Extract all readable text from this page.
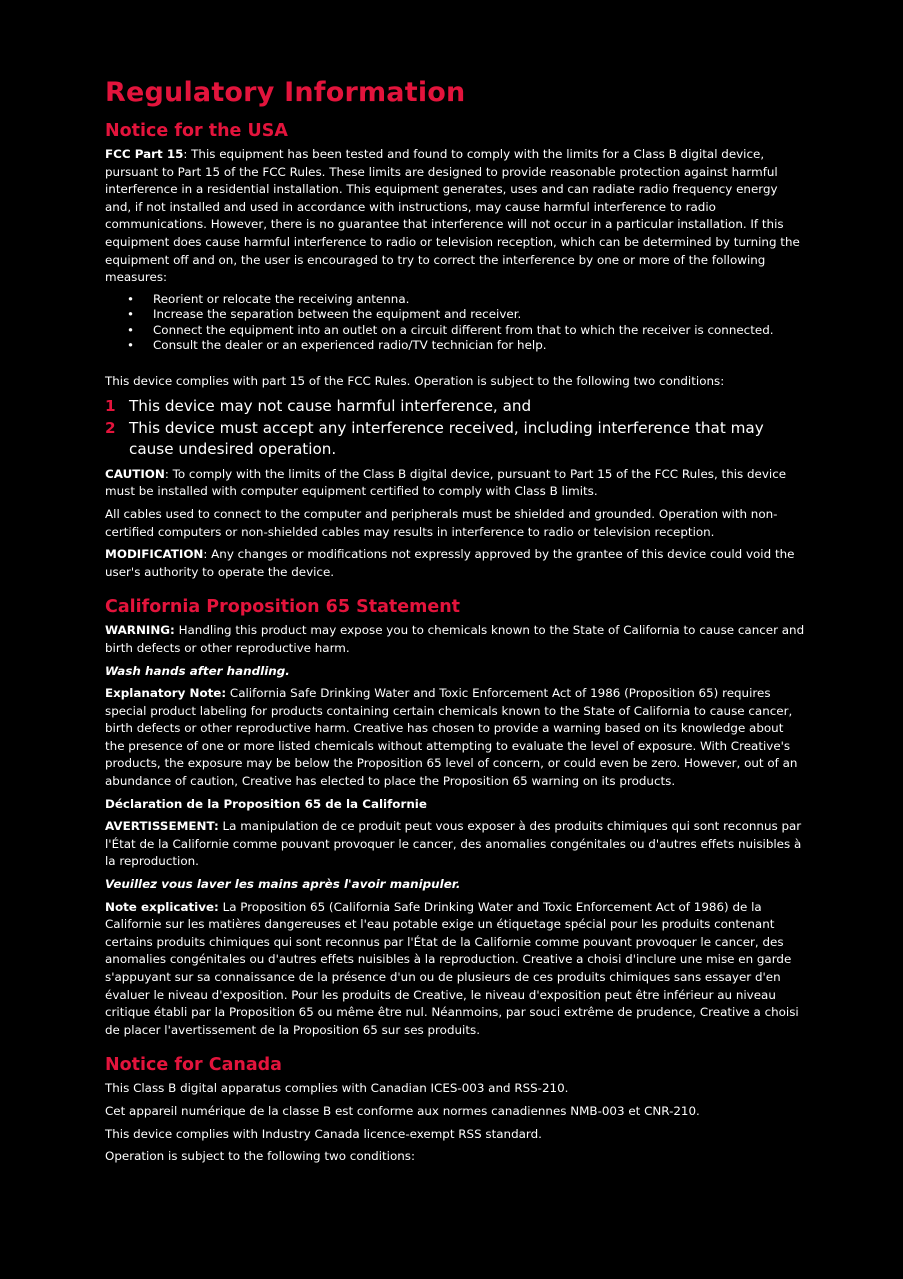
Regulatory Information
Notice for the USA

FCC Part 15: This equipment has been tested and found to comply with the limits for a Class B digital device, pursuant to Part 15 of the FCC Rules. These limits are designed to provide reasonable protection against harmful interference in a residential installation. This equipment generates, uses and can radiate radio frequency energy and, if not installed and used in accordance with instructions, may cause harmful interference to radio communications. However, there is no guarantee that interference will not occur in a particular installation. If this equipment does cause harmful interference to radio or television reception, which can be determined by turning the equipment off and on, the user is encouraged to try to correct the interference by one or more of the following measures:

• Reorient or relocate the receiving antenna.
• Increase the separation between the equipment and receiver.
• Connect the equipment into an outlet on a circuit different from that to which the receiver is connected.
• Consult the dealer or an experienced radio/TV technician for help.

This device complies with part 15 of the FCC Rules. Operation is subject to the following two conditions:

1 This device may not cause harmful interference, and
2 This device must accept any interference received, including interference that may cause undesired operation.

CAUTION: To comply with the limits of the Class B digital device, pursuant to Part 15 of the FCC Rules, this device must be installed with computer equipment certified to comply with Class B limits.

All cables used to connect to the computer and peripherals must be shielded and grounded. Operation with non-certified computers or non-shielded cables may results in interference to radio or television reception.

MODIFICATION: Any changes or modifications not expressly approved by the grantee of this device could void the user's authority to operate the device.

California Proposition 65 Statement

WARNING: Handling this product may expose you to chemicals known to the State of California to cause cancer and birth defects or other reproductive harm.

Wash hands after handling.

Explanatory Note: California Safe Drinking Water and Toxic Enforcement Act of 1986 (Proposition 65) requires special product labeling for products containing certain chemicals known to the State of California to cause cancer, birth defects or other reproductive harm. Creative has chosen to provide a warning based on its knowledge about the presence of one or more listed chemicals without attempting to evaluate the level of exposure. With Creative's products, the exposure may be below the Proposition 65 level of concern, or could even be zero. However, out of an abundance of caution, Creative has elected to place the Proposition 65 warning on its products.

Déclaration de la Proposition 65 de la Californie

AVERTISSEMENT: La manipulation de ce produit peut vous exposer à des produits chimiques qui sont reconnus par l'État de la Californie comme pouvant provoquer le cancer, des anomalies congénitales ou d'autres effets nuisibles à la reproduction.

Veuillez vous laver les mains après l'avoir manipuler.

Note explicative: La Proposition 65 (California Safe Drinking Water and Toxic Enforcement Act of 1986) de la Californie sur les matières dangereuses et l'eau potable exige un étiquetage spécial pour les produits contenant certains produits chimiques qui sont reconnus par l'État de la Californie comme pouvant provoquer le cancer, des anomalies congénitales ou d'autres effets nuisibles à la reproduction. Creative a choisi d'inclure une mise en garde s'appuyant sur sa connaissance de la présence d'un ou de plusieurs de ces produits chimiques sans essayer d'en évaluer le niveau d'exposition. Pour les produits de Creative, le niveau d'exposition peut être inférieur au niveau critique établi par la Proposition 65 ou même être nul. Néanmoins, par souci extrême de prudence, Creative a choisi de placer l'avertissement de la Proposition 65 sur ses produits.

Notice for Canada

This Class B digital apparatus complies with Canadian ICES-003 and RSS-210.

Cet appareil numérique de la classe B est conforme aux normes canadiennes NMB-003 et CNR-210.

This device complies with Industry Canada licence-exempt RSS standard.

Operation is subject to the following two conditions:
